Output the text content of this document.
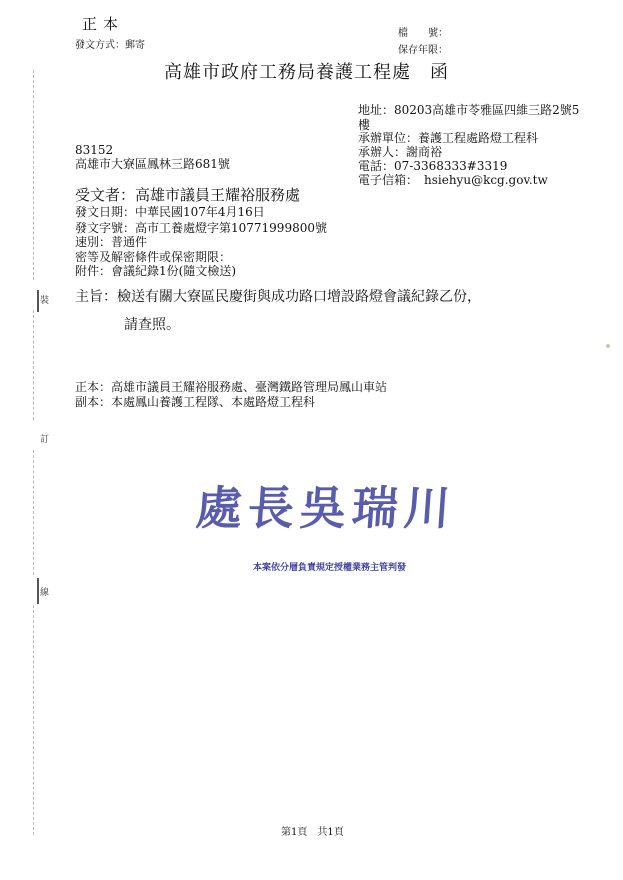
裝
訂
線
正本
發文方式：郵寄
檔　　號：
保存年限：
高雄市政府工務局養護工程處　函
地址：80203高雄市苓雅區四維三路2號5
樓
承辦單位：養護工程處路燈工程科
承辦人：謝商裕
電話：07-3368333#3319
電子信箱：　hsiehyu@kcg.gov.tw
83152
高雄市大寮區鳳林三路681號
受文者：高雄市議員王耀裕服務處
發文日期：中華民國107年4月16日
發文字號：高市工養處燈字第10771999800號
速別：普通件
密等及解密條件或保密期限：
附件：會議紀錄1份(隨文檢送)
主旨：檢送有關大寮區民慶街與成功路口增設路燈會議紀錄乙份，
請查照。
正本：高雄市議員王耀裕服務處、臺灣鐵路管理局鳳山車站
副本：本處鳳山養護工程隊、本處路燈工程科
處長吳瑞川
本案依分層負責規定授權業務主管判發
第1頁　共1頁
